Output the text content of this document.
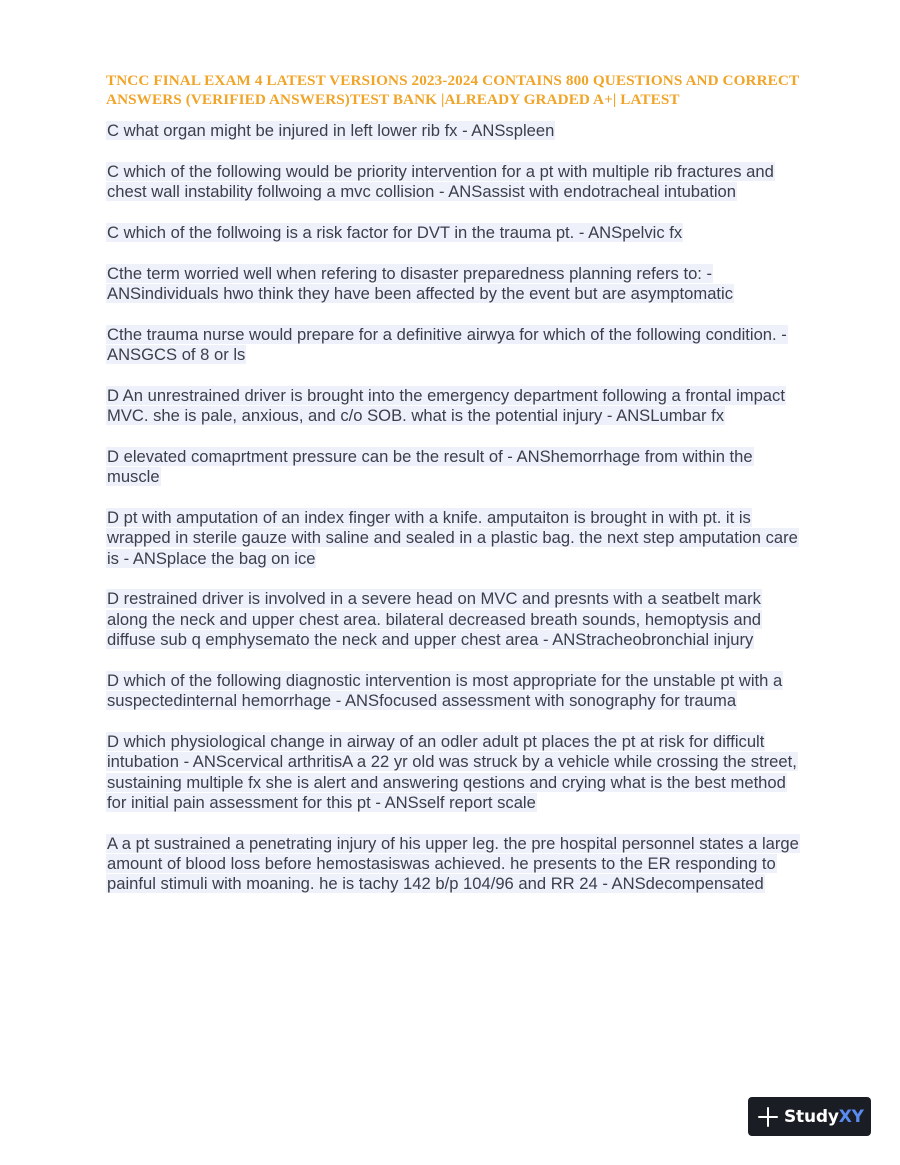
TNCC FINAL EXAM 4 LATEST VERSIONS 2023-2024 CONTAINS 800 QUESTIONS AND CORRECT ANSWERS (VERIFIED ANSWERS)TEST BANK |ALREADY GRADED A+| LATEST
C what organ might be injured in left lower rib fx - ANSspleen
C which of the following would be priority intervention for a pt with multiple rib fractures and chest wall instability follwoing a mvc collision - ANSassist with endotracheal intubation
C which of the follwoing is a risk factor for DVT in the trauma pt. - ANSpelvic fx
Cthe term worried well when refering to disaster preparedness planning refers to: - ANSindividuals hwo think they have been affected by the event but are asymptomatic
Cthe trauma nurse would prepare for a definitive airwya for which of the following condition. - ANSGCS of 8 or ls
D An unrestrained driver is brought into the emergency department following a frontal impact MVC. she is pale, anxious, and c/o SOB. what is the potential injury - ANSLumbar fx
D elevated comaprtment pressure can be the result of - ANShemorrhage from within the muscle
D pt with amputation of an index finger with a knife. amputaiton is brought in with pt. it is wrapped in sterile gauze with saline and sealed in a plastic bag. the next step amputation care is - ANSplace the bag on ice
D restrained driver is involved in a severe head on MVC and presnts with a seatbelt mark along the neck and upper chest area. bilateral decreased breath sounds, hemoptysis and diffuse sub q emphysemato the neck and upper chest area - ANStracheobronchial injury
D which of the following diagnostic intervention is most appropriate for the unstable pt with a suspectedinternal hemorrhage - ANSfocused assessment with sonography for trauma
D which physiological change in airway of an odler adult pt places the pt at risk for difficult intubation - ANScervical arthritisA a 22 yr old was struck by a vehicle while crossing the street, sustaining multiple fx she is alert and answering qestions and crying what is the best method for initial pain assessment for this pt - ANSself report scale
A a pt sustrained a penetrating injury of his upper leg. the pre hospital personnel states a large amount of blood loss before hemostasiswas achieved. he presents to the ER responding to painful stimuli with moaning. he is tachy 142 b/p 104/96 and RR 24 - ANSdecompensated
StudyXY
